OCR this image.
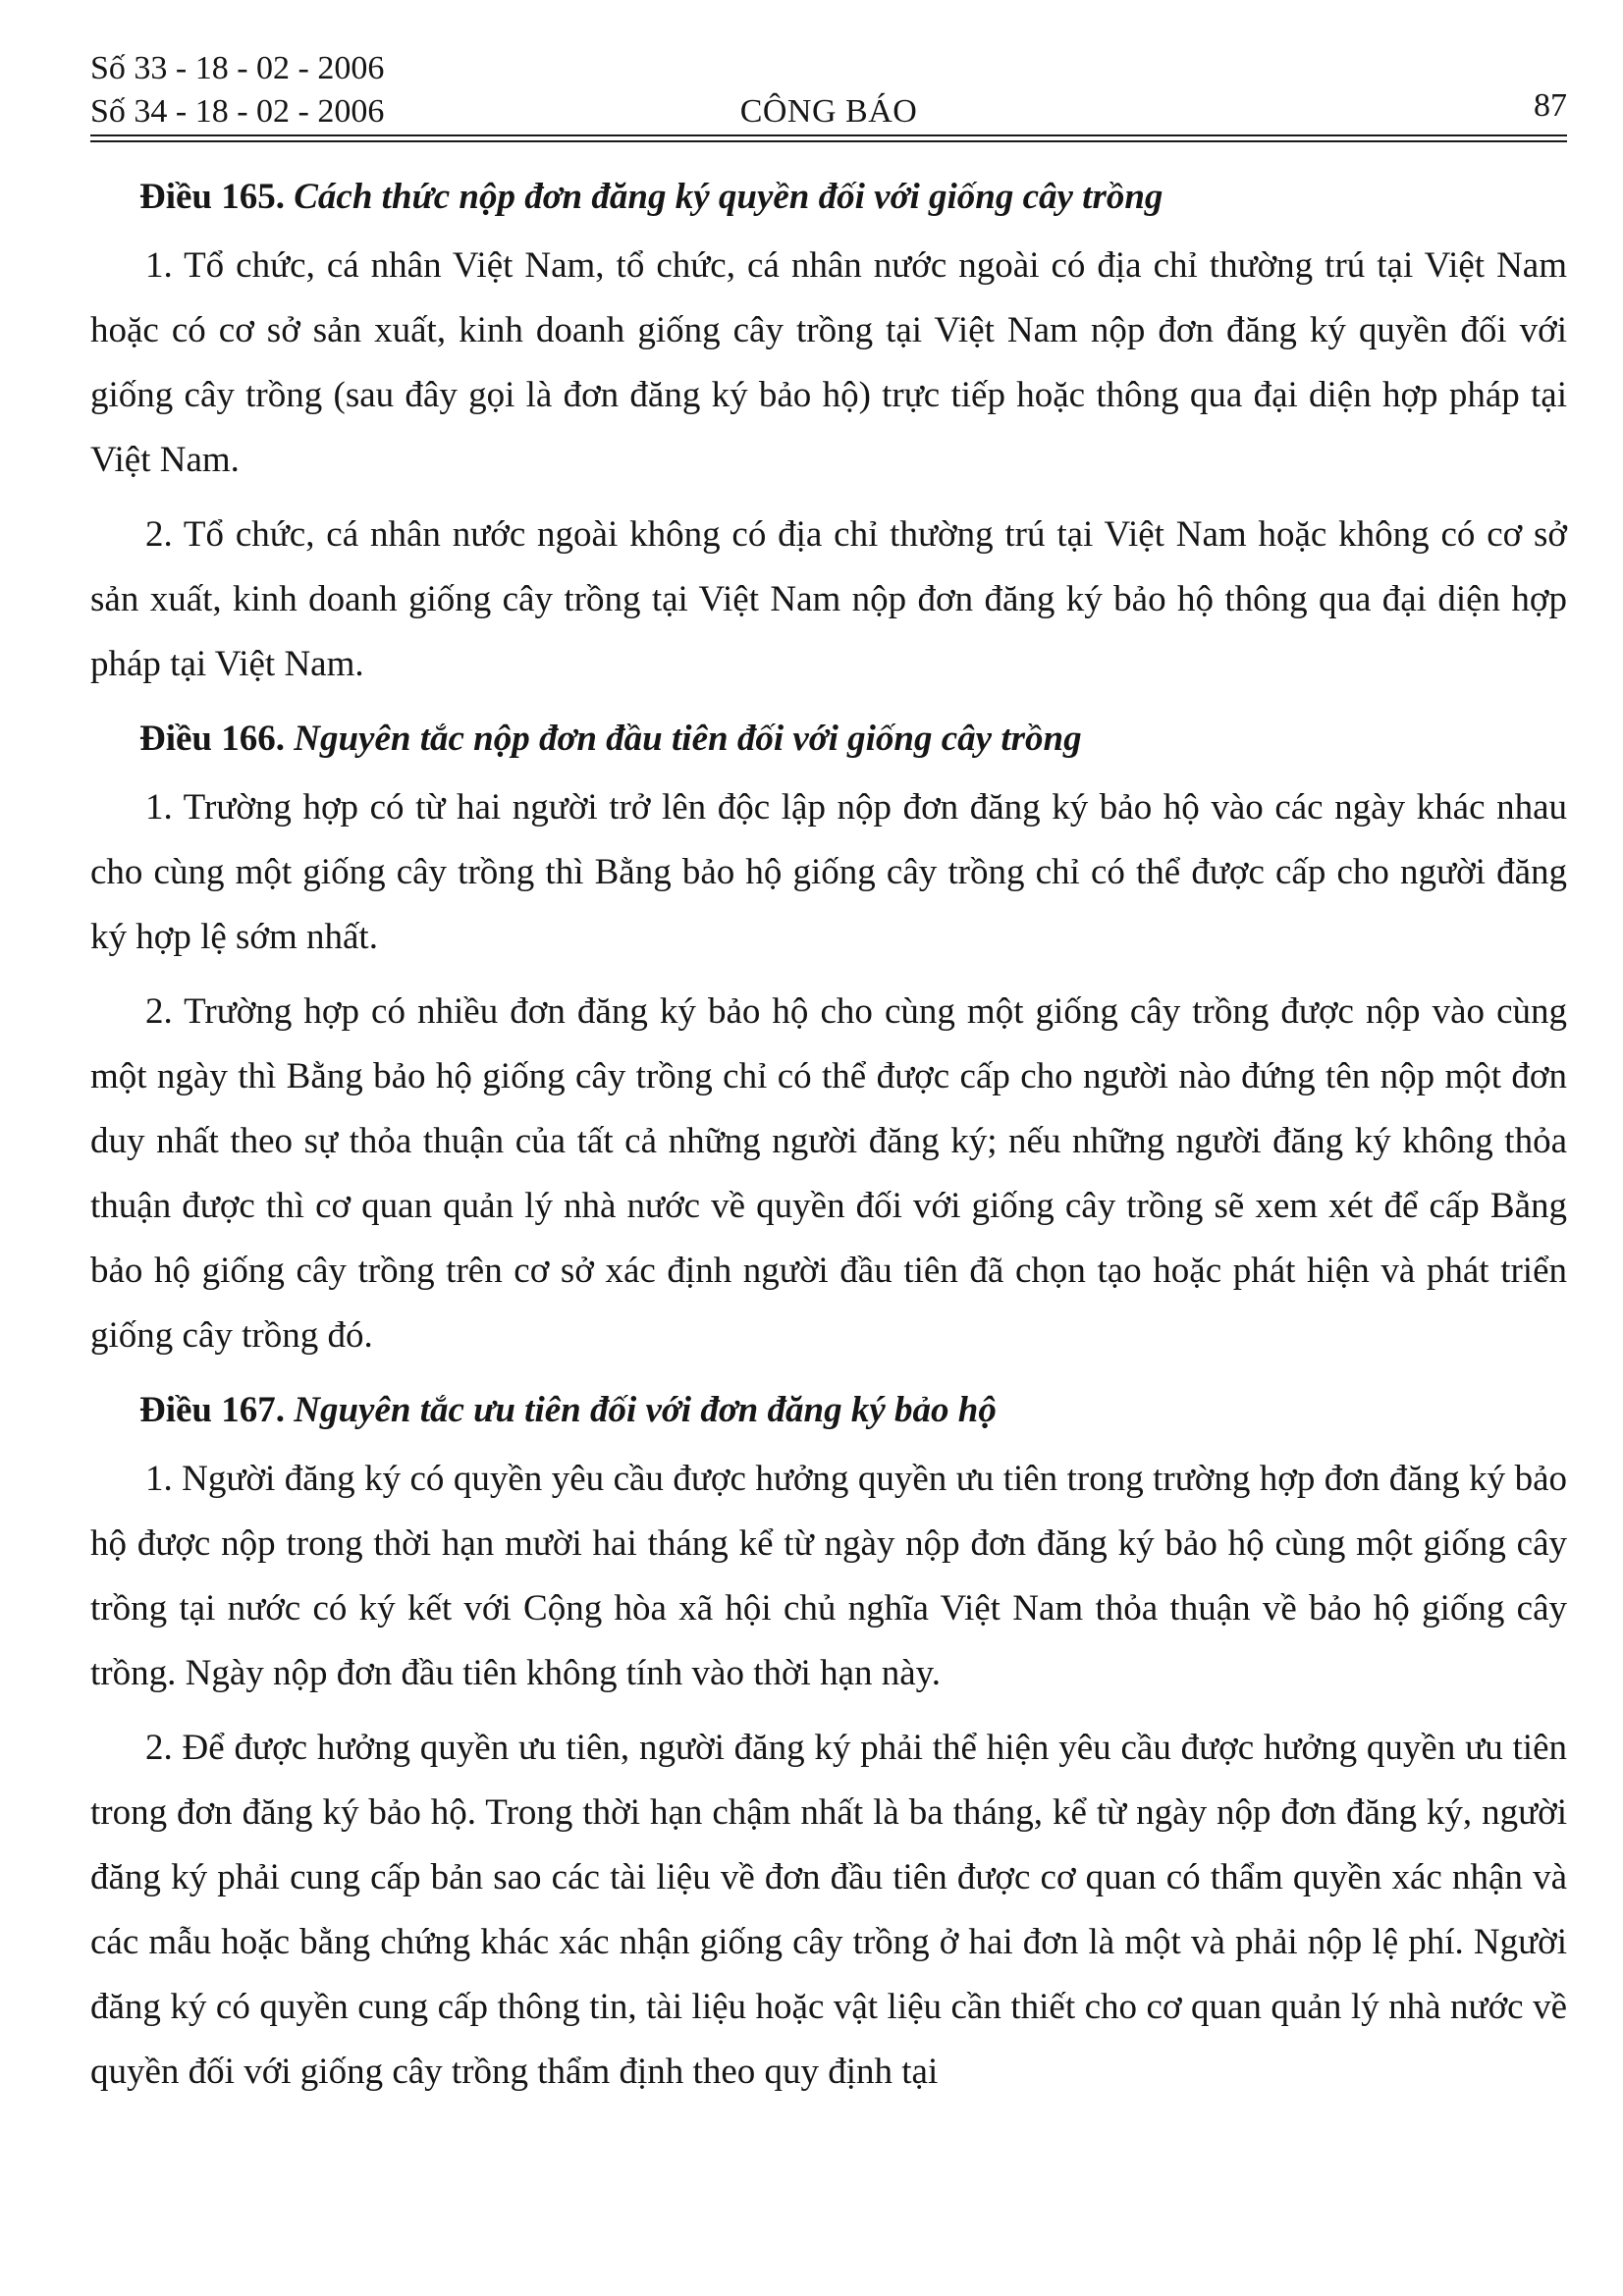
Số 33 - 18 - 02 - 2006
Số 34 - 18 - 02 - 2006	CÔNG BÁO	87

Điều 165. Cách thức nộp đơn đăng ký quyền đối với giống cây trồng

1. Tổ chức, cá nhân Việt Nam, tổ chức, cá nhân nước ngoài có địa chỉ thường trú tại Việt Nam hoặc có cơ sở sản xuất, kinh doanh giống cây trồng tại Việt Nam nộp đơn đăng ký quyền đối với giống cây trồng (sau đây gọi là đơn đăng ký bảo hộ) trực tiếp hoặc thông qua đại diện hợp pháp tại Việt Nam.

2. Tổ chức, cá nhân nước ngoài không có địa chỉ thường trú tại Việt Nam hoặc không có cơ sở sản xuất, kinh doanh giống cây trồng tại Việt Nam nộp đơn đăng ký bảo hộ thông qua đại diện hợp pháp tại Việt Nam.

Điều 166. Nguyên tắc nộp đơn đầu tiên đối với giống cây trồng

1. Trường hợp có từ hai người trở lên độc lập nộp đơn đăng ký bảo hộ vào các ngày khác nhau cho cùng một giống cây trồng thì Bằng bảo hộ giống cây trồng chỉ có thể được cấp cho người đăng ký hợp lệ sớm nhất.

2. Trường hợp có nhiều đơn đăng ký bảo hộ cho cùng một giống cây trồng được nộp vào cùng một ngày thì Bằng bảo hộ giống cây trồng chỉ có thể được cấp cho người nào đứng tên nộp một đơn duy nhất theo sự thỏa thuận của tất cả những người đăng ký; nếu những người đăng ký không thỏa thuận được thì cơ quan quản lý nhà nước về quyền đối với giống cây trồng sẽ xem xét để cấp Bằng bảo hộ giống cây trồng trên cơ sở xác định người đầu tiên đã chọn tạo hoặc phát hiện và phát triển giống cây trồng đó.

Điều 167. Nguyên tắc ưu tiên đối với đơn đăng ký bảo hộ

1. Người đăng ký có quyền yêu cầu được hưởng quyền ưu tiên trong trường hợp đơn đăng ký bảo hộ được nộp trong thời hạn mười hai tháng kể từ ngày nộp đơn đăng ký bảo hộ cùng một giống cây trồng tại nước có ký kết với Cộng hòa xã hội chủ nghĩa Việt Nam thỏa thuận về bảo hộ giống cây trồng. Ngày nộp đơn đầu tiên không tính vào thời hạn này.

2. Để được hưởng quyền ưu tiên, người đăng ký phải thể hiện yêu cầu được hưởng quyền ưu tiên trong đơn đăng ký bảo hộ. Trong thời hạn chậm nhất là ba tháng, kể từ ngày nộp đơn đăng ký, người đăng ký phải cung cấp bản sao các tài liệu về đơn đầu tiên được cơ quan có thẩm quyền xác nhận và các mẫu hoặc bằng chứng khác xác nhận giống cây trồng ở hai đơn là một và phải nộp lệ phí. Người đăng ký có quyền cung cấp thông tin, tài liệu hoặc vật liệu cần thiết cho cơ quan quản lý nhà nước về quyền đối với giống cây trồng thẩm định theo quy định tại
